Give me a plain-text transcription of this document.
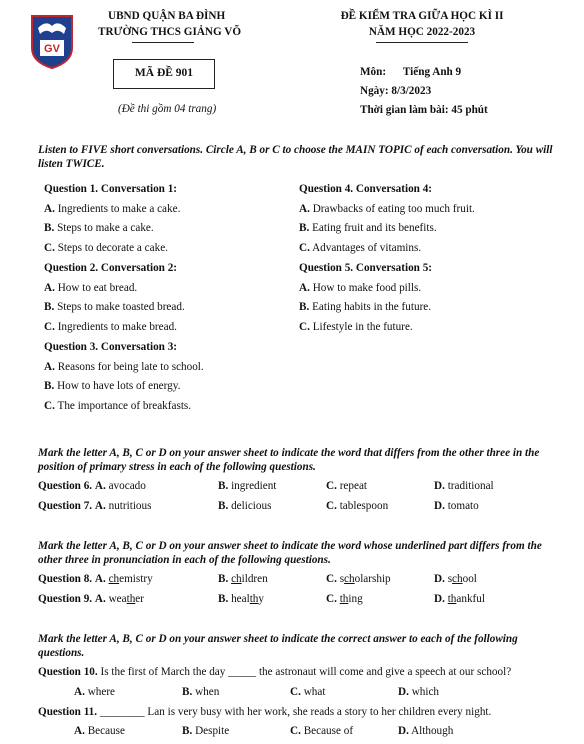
GV
UBND QUẬN BA ĐÌNH
TRƯỜNG THCS GIẢNG VÕ
ĐỀ KIỂM TRA GIỮA HỌC KÌ II
NĂM HỌC 2022-2023
MÃ ĐỀ 901
(Đề thi gồm 04 trang)
Môn: Tiếng Anh 9
Ngày: 8/3/2023
Thời gian làm bài: 45 phút
Listen to FIVE short conversations. Circle A, B or C to choose the MAIN TOPIC of each conversation. You will listen TWICE.
Question 1. Conversation 1:
A. Ingredients to make a cake.
B. Steps to make a cake.
C. Steps to decorate a cake.
Question 2. Conversation 2:
A. How to eat bread.
B. Steps to make toasted bread.
C. Ingredients to make bread.
Question 3. Conversation 3:
A. Reasons for being late to school.
B. How to have lots of energy.
C. The importance of breakfasts.
Question 4. Conversation 4:
A. Drawbacks of eating too much fruit.
B. Eating fruit and its benefits.
C. Advantages of vitamins.
Question 5. Conversation 5:
A. How to make food pills.
B. Eating habits in the future.
C. Lifestyle in the future.
Mark the letter A, B, C or D on your answer sheet to indicate the word that differs from the other three in the position of primary stress in each of the following questions.
Question 6. A. avocado	B. ingredient	C. repeat	D. traditional
Question 7. A. nutritious	B. delicious	C. tablespoon	D. tomato
Mark the letter A, B, C or D on your answer sheet to indicate the word whose underlined part differs from the other three in pronunciation in each of the following questions.
Question 8. A. chemistry	B. children	C. scholarship	D. school
Question 9. A. weather	B. healthy	C. thing	D. thankful
Mark the letter A, B, C or D on your answer sheet to indicate the correct answer to each of the following questions.
Question 10. Is the first of March the day _____ the astronaut will come and give a speech at our school?
A. where	B. when	C. what	D. which
Question 11. ________ Lan is very busy with her work, she reads a story to her children every night.
A. Because	B. Despite	C. Because of	D. Although
